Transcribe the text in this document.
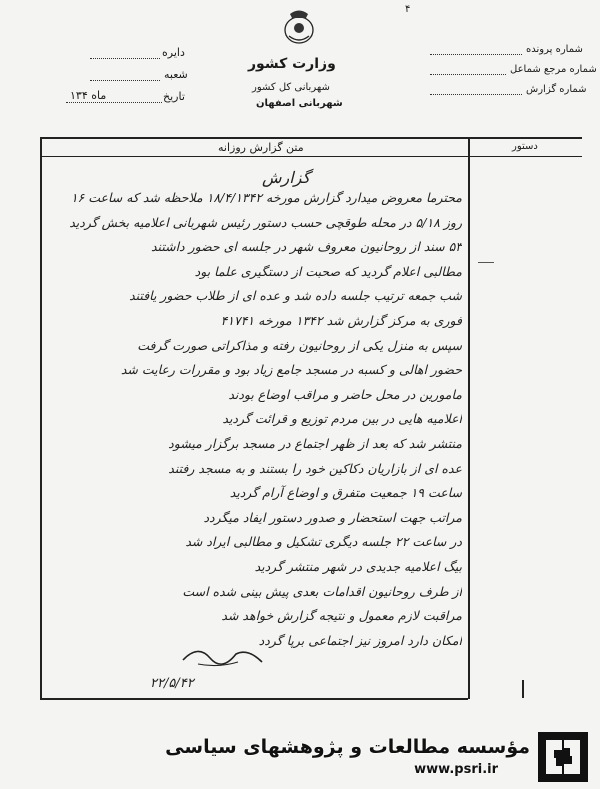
۴
وزارت کشور
شهربانی کل کشور
شهربانی اصفهان
دایره
شعبه
ماه ۱۳۴	تاریخ
شماره پرونده
شماره مرجع شماعل
شماره گزارش
متن گزارش روزانه	دستور
گزارش
محترما معروض میدارد گزارش مورخه ۱۸/۴/۱۳۴۲ ملاحظه شد که ساعت ۱۶
روز ۵/۱۸ در محله طوقچی حسب دستور رئیس شهربانی اعلامیه بخش گردید
۵۳ سند از روحانیون معروف شهر در جلسه ای حضور داشتند
مطالبی اعلام گردید که صحبت از دستگیری علما بود
شب جمعه ترتیب جلسه داده شد و عده ای از طلاب حضور یافتند
فوری به مرکز گزارش شد ۱۳۴۲ مورخه ۴۱۷۴۱
سپس به منزل یکی از روحانیون رفته و مذاکراتی صورت گرفت
حضور اهالی و کسبه در مسجد جامع زیاد بود و مقررات رعایت شد
مامورین در محل حاضر و مراقب اوضاع بودند
اعلامیه هایی در بین مردم توزیع و قرائت گردید
منتشر شد که بعد از ظهر اجتماع در مسجد برگزار میشود
عده ای از بازاریان دکاکین خود را بستند و به مسجد رفتند
ساعت ۱۹ جمعیت متفرق و اوضاع آرام گردید
مراتب جهت استحضار و صدور دستور ایفاد میگردد
در ساعت ۲۲ جلسه دیگری تشکیل و مطالبی ایراد شد
بیگ اعلامیه جدیدی در شهر منتشر گردید
از طرف روحانیون اقدامات بعدی پیش بینی شده است
مراقبت لازم معمول و نتیجه گزارش خواهد شد
امکان دارد امروز نیز اجتماعی برپا گردد
۲۲/۵/۴۲
مؤسسه مطالعات و پژوهشهای سیاسی
www.psri.ir
